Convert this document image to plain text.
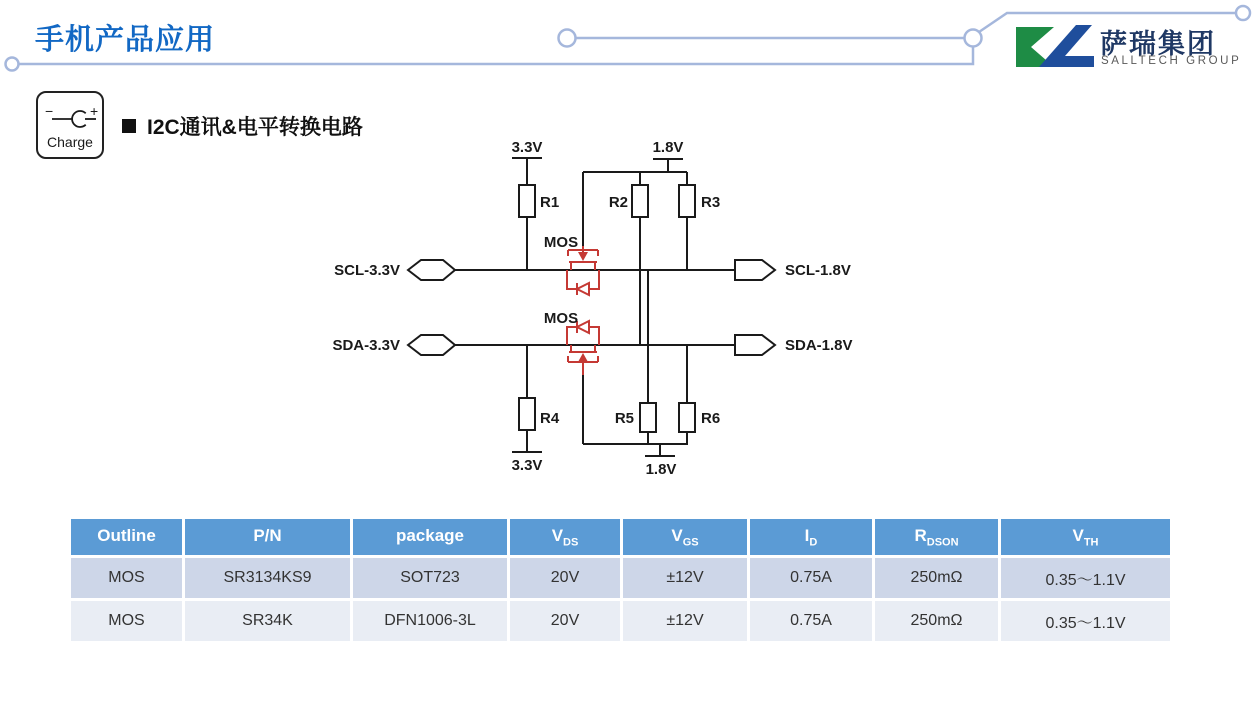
3.3V	1.8V
3.3V	1.8V
R1	R2	R3
R4	R5	R6
MOS
MOS
SCL-3.3V	SCL-1.8V
SDA-3.3V	SDA-1.8V
手机产品应用	萨瑞集团
SALLTECH GROUP
−	+
Charge
I2C通讯&电平转换电路
Outline	P/N	package	$V_{DS}$	$V_{GS}$	$I_D$	$R_{DSON}$	$V_{TH}$
MOS	SR3134KS9	SOT723	20V	±12V	0.75A	250mΩ	0.35～1.1V
MOS	SR34K	DFN1006-3L	20V	±12V	0.75A	250mΩ	0.35～1.1V
